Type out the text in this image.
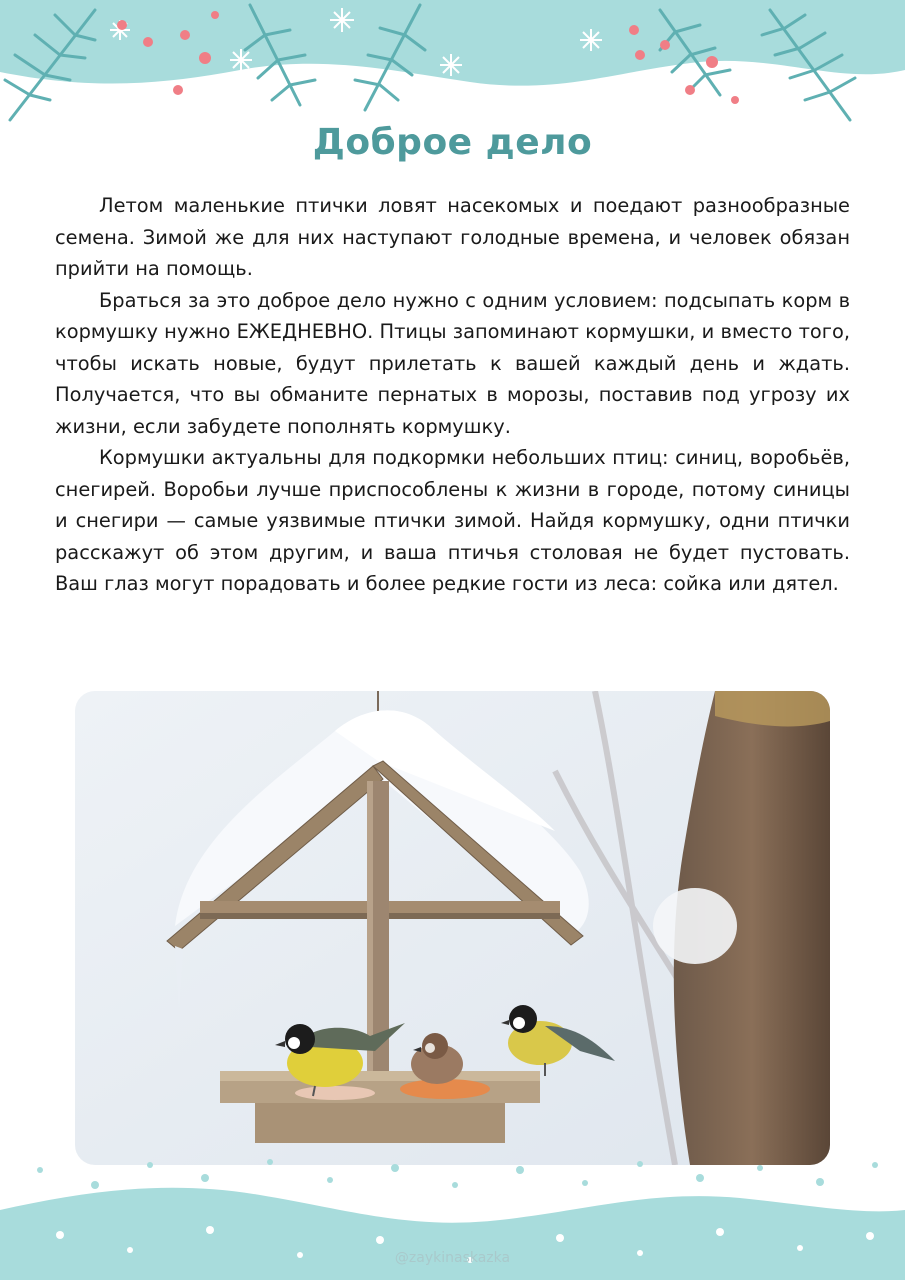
Доброе дело

Летом маленькие птички ловят насекомых и поедают разнообразные семена. Зимой же для них наступают голодные времена, и человек обязан прийти на помощь.

Браться за это доброе дело нужно с одним условием: подсыпать корм в кормушку нужно ЕЖЕДНЕВНО. Птицы запоминают кормушки, и вместо того, чтобы искать новые, будут прилетать к вашей каждый день и ждать. Получается, что вы обманите пернатых в морозы, поставив под угрозу их жизни, если забудете пополнять кормушку.

Кормушки актуальны для подкормки небольших птиц: синиц, воробьёв, снегирей. Воробьи лучше приспособлены к жизни в городе, потому синицы и снегири — самые уязвимые птички зимой. Найдя кормушку, одни птички расскажут об этом другим, и ваша птичья столовая не будет пустовать. Ваш глаз могут порадовать и более редкие гости из леса: сойка или дятел.

@zaykinaskazka
